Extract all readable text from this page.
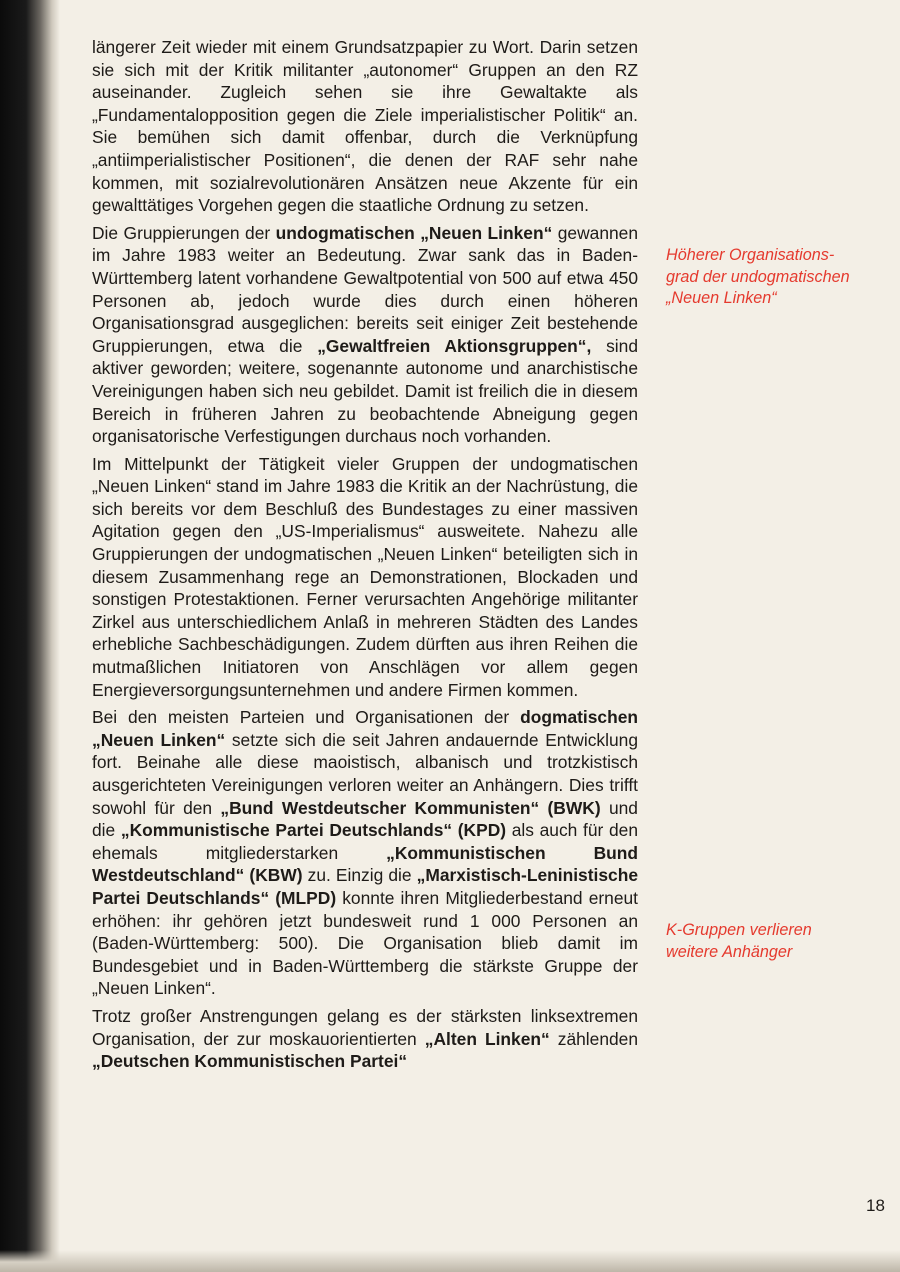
längerer Zeit wieder mit einem Grundsatzpapier zu Wort. Darin setzen sie sich mit der Kritik militanter „autonomer“ Gruppen an den RZ auseinander. Zugleich sehen sie ihre Gewaltakte als „Fundamentalopposition gegen die Ziele imperialistischer Politik“ an. Sie bemühen sich damit offenbar, durch die Verknüpfung „antiimperialistischer Positionen“, die denen der RAF sehr nahe kommen, mit sozialrevolutionären Ansätzen neue Akzente für ein gewalttätiges Vorgehen gegen die staatliche Ordnung zu setzen.

Die Gruppierungen der undogmatischen „Neuen Linken“ gewannen im Jahre 1983 weiter an Bedeutung. Zwar sank das in Baden-Württemberg latent vorhandene Gewaltpotential von 500 auf etwa 450 Personen ab, jedoch wurde dies durch einen höheren Organisationsgrad ausgeglichen: bereits seit einiger Zeit bestehende Gruppierungen, etwa die „Gewaltfreien Aktionsgruppen“, sind aktiver geworden; weitere, sogenannte autonome und anarchistische Vereinigungen haben sich neu gebildet. Damit ist freilich die in diesem Bereich in früheren Jahren zu beobachtende Abneigung gegen organisatorische Verfestigungen durchaus noch vorhanden.

Im Mittelpunkt der Tätigkeit vieler Gruppen der undogmatischen „Neuen Linken“ stand im Jahre 1983 die Kritik an der Nachrüstung, die sich bereits vor dem Beschluß des Bundestages zu einer massiven Agitation gegen den „US-Imperialismus“ ausweitete. Nahezu alle Gruppierungen der undogmatischen „Neuen Linken“ beteiligten sich in diesem Zusammenhang rege an Demonstrationen, Blockaden und sonstigen Protestaktionen. Ferner verursachten Angehörige militanter Zirkel aus unterschiedlichem Anlaß in mehreren Städten des Landes erhebliche Sachbeschädigungen. Zudem dürften aus ihren Reihen die mutmaßlichen Initiatoren von Anschlägen vor allem gegen Energieversorgungsunternehmen und andere Firmen kommen.

Bei den meisten Parteien und Organisationen der dogmatischen „Neuen Linken“ setzte sich die seit Jahren andauernde Entwicklung fort. Beinahe alle diese maoistisch, albanisch und trotzkistisch ausgerichteten Vereinigungen verloren weiter an Anhängern. Dies trifft sowohl für den „Bund Westdeutscher Kommunisten“ (BWK) und die „Kommunistische Partei Deutschlands“ (KPD) als auch für den ehemals mitgliederstarken „Kommunistischen Bund Westdeutschland“ (KBW) zu. Einzig die „Marxistisch-Leninistische Partei Deutschlands“ (MLPD) konnte ihren Mitgliederbestand erneut erhöhen: ihr gehören jetzt bundesweit rund 1 000 Personen an (Baden-Württemberg: 500). Die Organisation blieb damit im Bundesgebiet und in Baden-Württemberg die stärkste Gruppe der „Neuen Linken“.

Trotz großer Anstrengungen gelang es der stärksten linksextremen Organisation, der zur moskauorientierten „Alten Linken“ zählenden „Deutschen Kommunistischen Partei“

Höherer Organisations-
grad der undogmatischen
„Neuen Linken“
K-Gruppen verlieren
weitere Anhänger
18
